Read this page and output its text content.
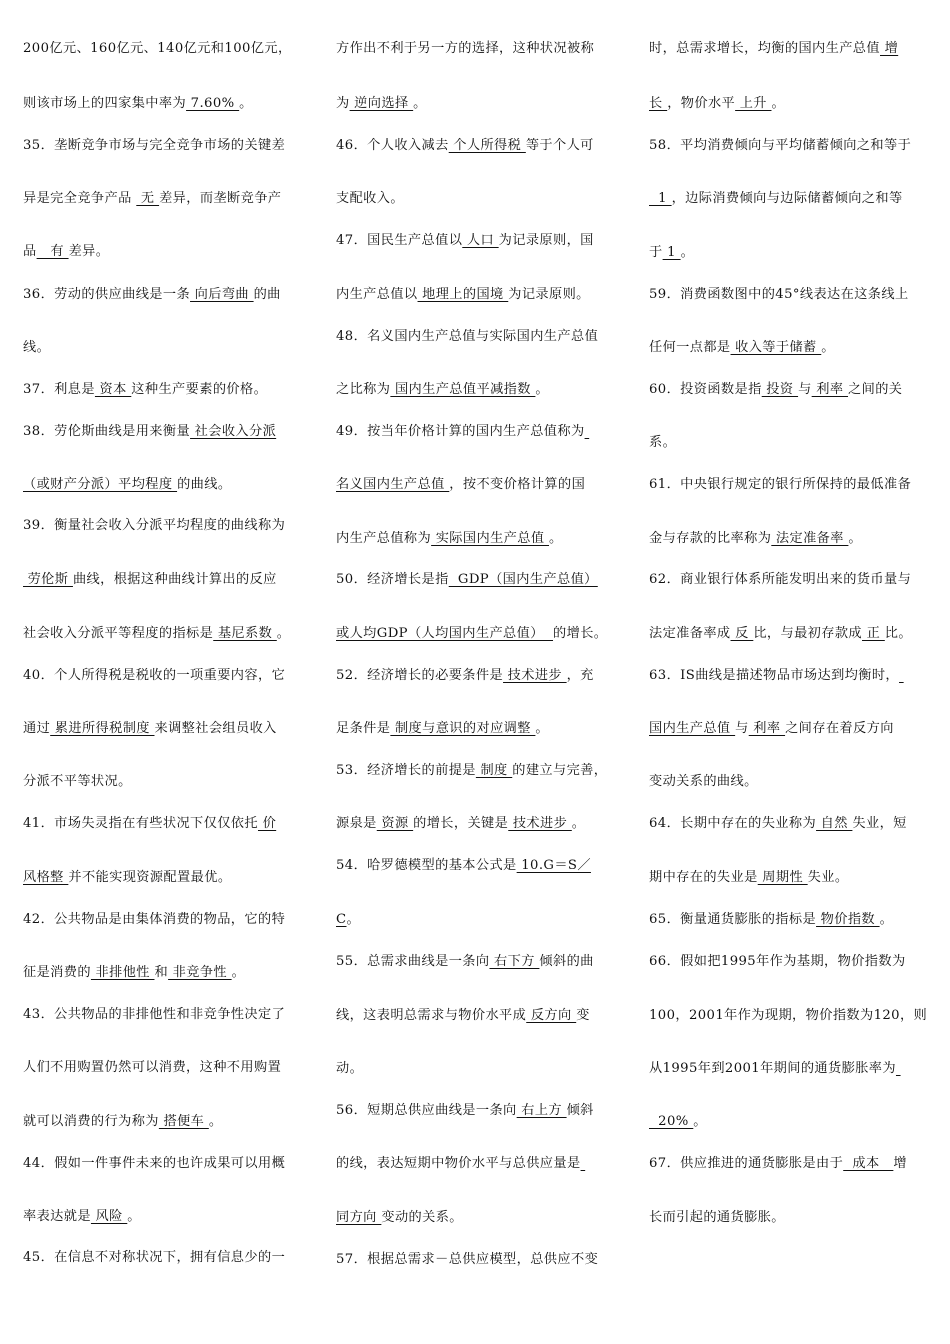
200亿元、160亿元、140亿元和100亿元，
则该市场上的四家集中率为 7.60% 。
35．垄断竞争市场与完全竞争市场的关键差
异是完全竞争产品  无 差异，而垄断竞争产
品   有 差异。
36．劳动的供应曲线是一条 向后弯曲 的曲
线。
37．利息是 资本 这种生产要素的价格。
38．劳伦斯曲线是用来衡量 社会收入分派
（或财产分派）平均程度 的曲线。
39．衡量社会收入分派平均程度的曲线称为
劳伦斯 曲线，根据这种曲线计算出的反应
社会收入分派平等程度的指标是 基尼系数 。
40．个人所得税是税收的一项重要内容，它
通过 累进所得税制度 来调整社会组员收入
分派不平等状况。
41．市场失灵指在有些状况下仅仅依托 价
风格整 并不能实现资源配置最优。
42．公共物品是由集体消费的物品，它的特
征是消费的 非排他性 和 非竞争性 。
43．公共物品的非排他性和非竞争性决定了
人们不用购置仍然可以消费，这种不用购置
就可以消费的行为称为 搭便车 。
44．假如一件事件未来的也许成果可以用概
率表达就是 风险 。
45．在信息不对称状况下，拥有信息少的一
方作出不利于另一方的选择，这种状况被称
为 逆向选择 。
46．个人收入减去 个人所得税 等于个人可
支配收入。
47．国民生产总值以 人口 为记录原则，国
内生产总值以 地理上的国境 为记录原则。
48．名义国内生产总值与实际国内生产总值
之比称为 国内生产总值平减指数 。
49．按当年价格计算的国内生产总值称为
名义国内生产总值 ，按不变价格计算的国
内生产总值称为 实际国内生产总值 。
50．经济增长是指  GDP（国内生产总值）
或人均GDP（人均国内生产总值）  的增长。
52．经济增长的必要条件是 技术进步 ，充
足条件是 制度与意识的对应调整 。
53．经济增长的前提是 制度 的建立与完善，
源泉是 资源 的增长，关键是 技术进步 。
54．哈罗德模型的基本公式是 10.G＝S／
C。
55．总需求曲线是一条向 右下方 倾斜的曲
线，这表明总需求与物价水平成 反方向 变
动。
56．短期总供应曲线是一条向 右上方 倾斜
的线，表达短期中物价水平与总供应量是
同方向 变动的关系。
57．根据总需求－总供应模型，总供应不变
时，总需求增长，均衡的国内生产总值 增
长 ，物价水平 上升 。
58．平均消费倾向与平均储蓄倾向之和等于
1 ，边际消费倾向与边际储蓄倾向之和等
于 1 。
59．消费函数图中的45°线表达在这条线上
任何一点都是 收入等于储蓄 。
60．投资函数是指 投资 与 利率 之间的关
系。
61．中央银行规定的银行所保持的最低准备
金与存款的比率称为 法定准备率 。
62．商业银行体系所能发明出来的货币量与
法定准备率成 反 比，与最初存款成 正 比。
63．IS曲线是描述物品市场达到均衡时，
国内生产总值 与 利率 之间存在着反方向
变动关系的曲线。
64．长期中存在的失业称为 自然 失业，短
期中存在的失业是 周期性 失业。
65．衡量通货膨胀的指标是 物价指数 。
66．假如把1995年作为基期，物价指数为
100，2001年作为现期，物价指数为120，则
从1995年到2001年期间的通货膨胀率为
20% 。
67．供应推进的通货膨胀是由于  成本   增
长而引起的通货膨胀。
